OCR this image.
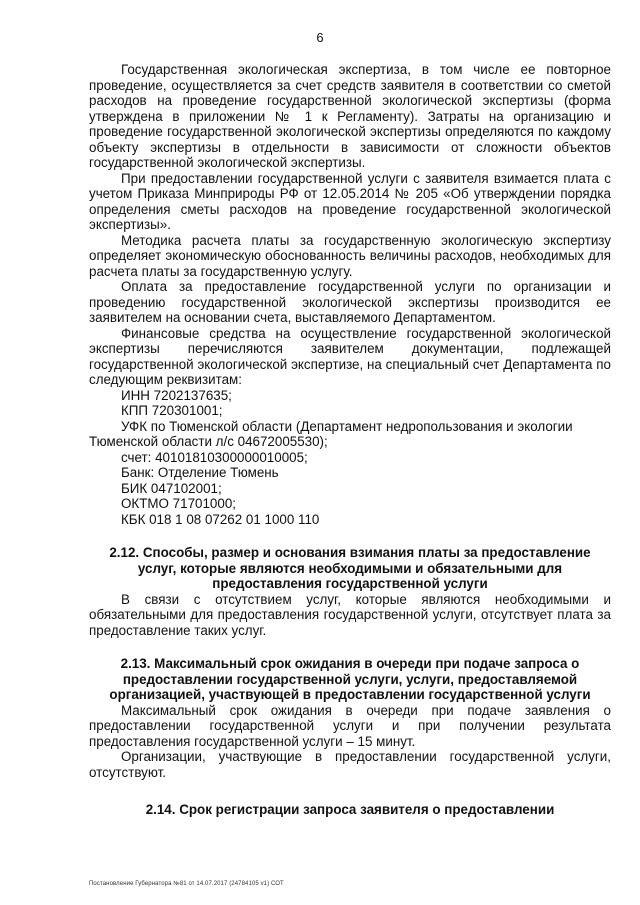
6

Государственная экологическая экспертиза, в том числе ее повторное проведение, осуществляется за счет средств заявителя в соответствии со сметой расходов на проведение государственной экологической экспертизы (форма утверждена в приложении № 1 к Регламенту). Затраты на организацию и проведение государственной экологической экспертизы определяются по каждому объекту экспертизы в отдельности в зависимости от сложности объектов государственной экологической экспертизы.

При предоставлении государственной услуги с заявителя взимается плата с учетом Приказа Минприроды РФ от 12.05.2014 № 205 «Об утверждении порядка определения сметы расходов на проведение государственной экологической экспертизы».

Методика расчета платы за государственную экологическую экспертизу определяет экономическую обоснованность величины расходов, необходимых для расчета платы за государственную услугу.

Оплата за предоставление государственной услуги по организации и проведению государственной экологической экспертизы производится ее заявителем на основании счета, выставляемого Департаментом.

Финансовые средства на осуществление государственной экологической экспертизы перечисляются заявителем документации, подлежащей государственной экологической экспертизе, на специальный счет Департамента по следующим реквизитам:

ИНН 7202137635;

КПП 720301001;

УФК по Тюменской области (Департамент недропользования и экологии Тюменской области л/с 04672005530);

счет: 40101810300000010005;

Банк: Отделение Тюмень

БИК 047102001;

ОКТМО 71701000;

КБК 018 1 08 07262 01 1000 110

2.12. Способы, размер и основания взимания платы за предоставление услуг, которые являются необходимыми и обязательными для предоставления государственной услуги

В связи с отсутствием услуг, которые являются необходимыми и обязательными для предоставления государственной услуги, отсутствует плата за предоставление таких услуг.

2.13. Максимальный срок ожидания в очереди при подаче запроса о предоставлении государственной услуги, услуги, предоставляемой организацией, участвующей в предоставлении государственной услуги

Максимальный срок ожидания в очереди при подаче заявления о предоставлении государственной услуги и при получении результата предоставления государственной услуги – 15 минут.

Организации, участвующие в предоставлении государственной услуги, отсутствуют.

2.14. Срок регистрации запроса заявителя о предоставлении
Постановление Губернатора №81 от 14.07.2017 (24784105 v1) СОТ
